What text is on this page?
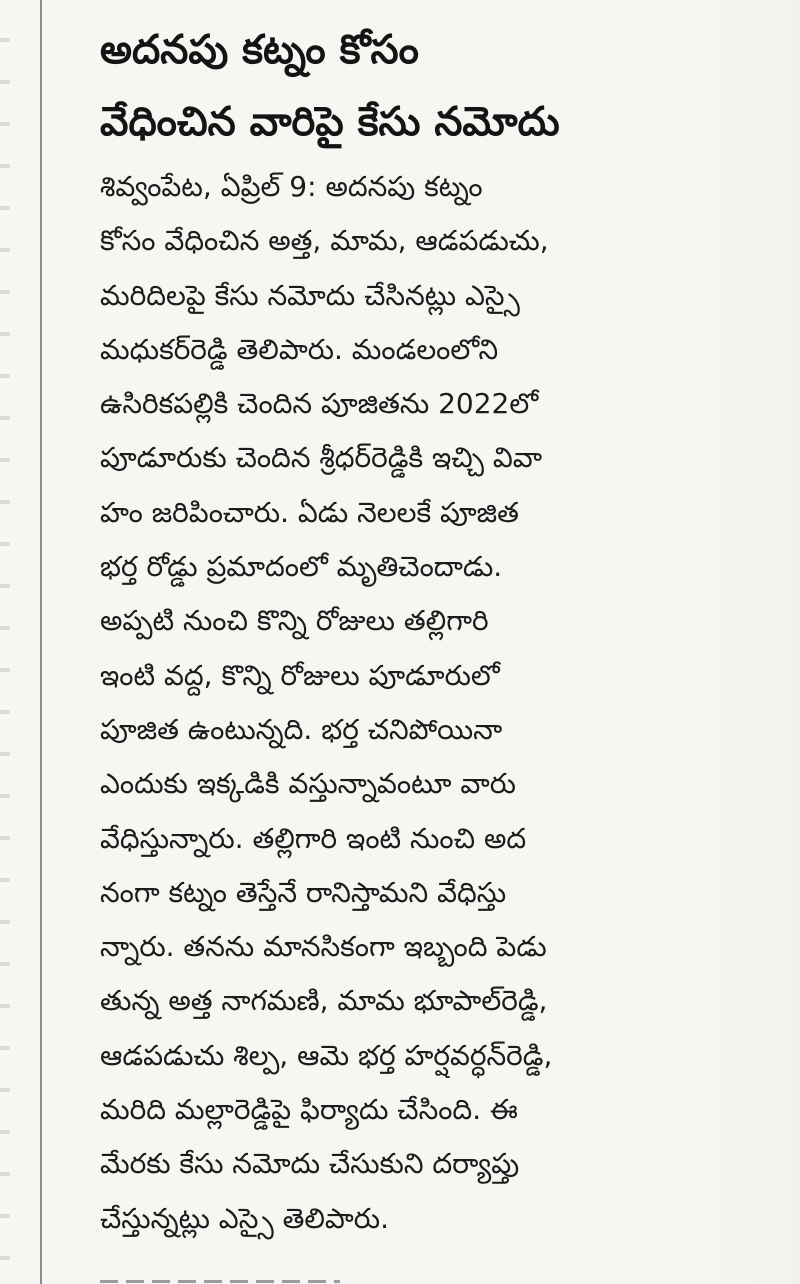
అదనపు కట్నం కోసం
వేధించిన వారిపై కేసు నమోదు
శివ్వంపేట, ఏప్రిల్ 9: అదనపు కట్నం
కోసం వేధించిన అత్త, మామ, ఆడపడుచు,
మరిదిలపై కేసు నమోదు చేసినట్లు ఎస్సై
మధుకర్‌రెడ్డి తెలిపారు. మండలంలోని
ఉసిరికపల్లికి చెందిన పూజితను 2022లో
పూడూరుకు చెందిన శ్రీధర్‌రెడ్డికి ఇచ్చి వివా
హం జరిపించారు. ఏడు నెలలకే పూజిత
భర్త రోడ్డు ప్రమాదంలో మృతిచెందాడు.
అప్పటి నుంచి కొన్ని రోజులు తల్లిగారి
ఇంటి వద్ద, కొన్ని రోజులు పూడూరులో
పూజిత ఉంటున్నది. భర్త చనిపోయినా
ఎందుకు ఇక్కడికి వస్తున్నావంటూ వారు
వేధిస్తున్నారు. తల్లిగారి ఇంటి నుంచి అద
నంగా కట్నం తెస్తేనే రానిస్తామని వేధిస్తు
న్నారు. తనను మానసికంగా ఇబ్బంది పెడు
తున్న అత్త నాగమణి, మామ భూపాల్‌రెడ్డి,
ఆడపడుచు శిల్ప, ఆమె భర్త హర్షవర్ధన్‌రెడ్డి,
మరిది మల్లారెడ్డిపై ఫిర్యాదు చేసింది. ఈ
మేరకు కేసు నమోదు చేసుకుని దర్యాప్తు
చేస్తున్నట్లు ఎస్సై తెలిపారు.
